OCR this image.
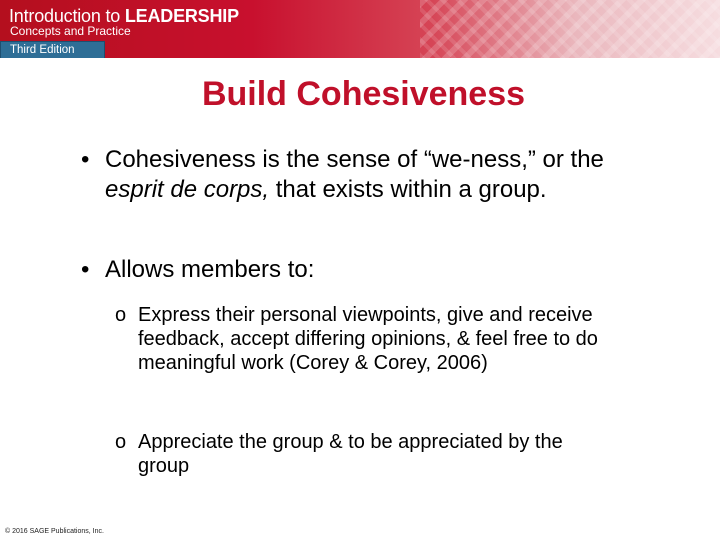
Introduction to LEADERSHIP
Concepts and Practice
Third Edition
Build Cohesiveness
• Cohesiveness is the sense of “we-ness,” or the esprit de corps, that exists within a group.
• Allows members to:
o Express their personal viewpoints, give and receive feedback, accept differing opinions, & feel free to do meaningful work (Corey & Corey, 2006)
o Appreciate the group & to be appreciated by the group
© 2016 SAGE Publications, Inc.
